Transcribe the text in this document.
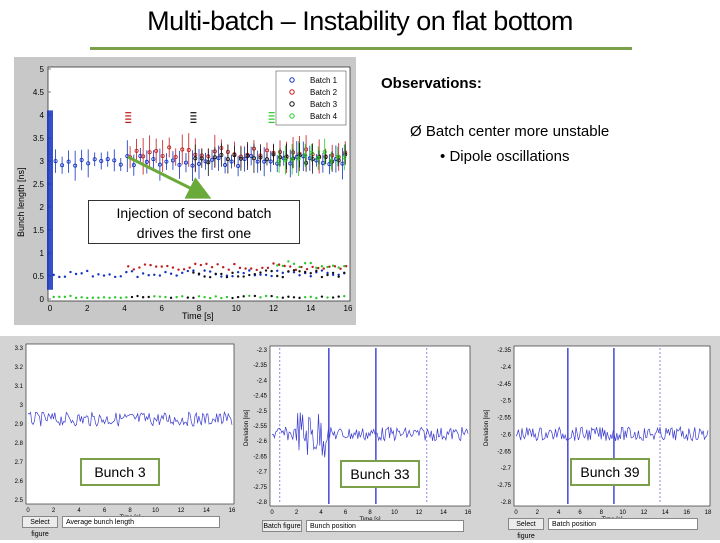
Multi-batch – Instability on flat bottom
5
4.5
4
3.5
3
2.5
2
1.5
1
0.5
0
0	2	4	6	8	10	12	14	16
Batch 1
Batch 2
Batch 3
Batch 4
Bunch length [ns]
Time [s]
Injection of second batch
drives the first one
Observations:
Ø Batch center more unstable
• Dipole oscillations
3.3
3.2
3.1
3
2.9
2.8
2.7
2.6
2.5
0	2	4	6	8	10	12	14	16
Select figure
Average bunch length
Bunch 3
-2.3
-2.35
-2.4
-2.45
-2.5
-2.55
-2.6
-2.65
-2.7
-2.75
-2.8
0	2	4	6	8	10	12	14	16
Deviation [ns]
Batch figure	Bunch position
Bunch 33
-2.35
-2.4
-2.45
-2.5
-2.55
-2.6
-2.65
-2.7
-2.75
-2.8
0	2	4	6	8	10 12 14 16 18
Deviation [ns]
Select figure
Batch position
Bunch 39
